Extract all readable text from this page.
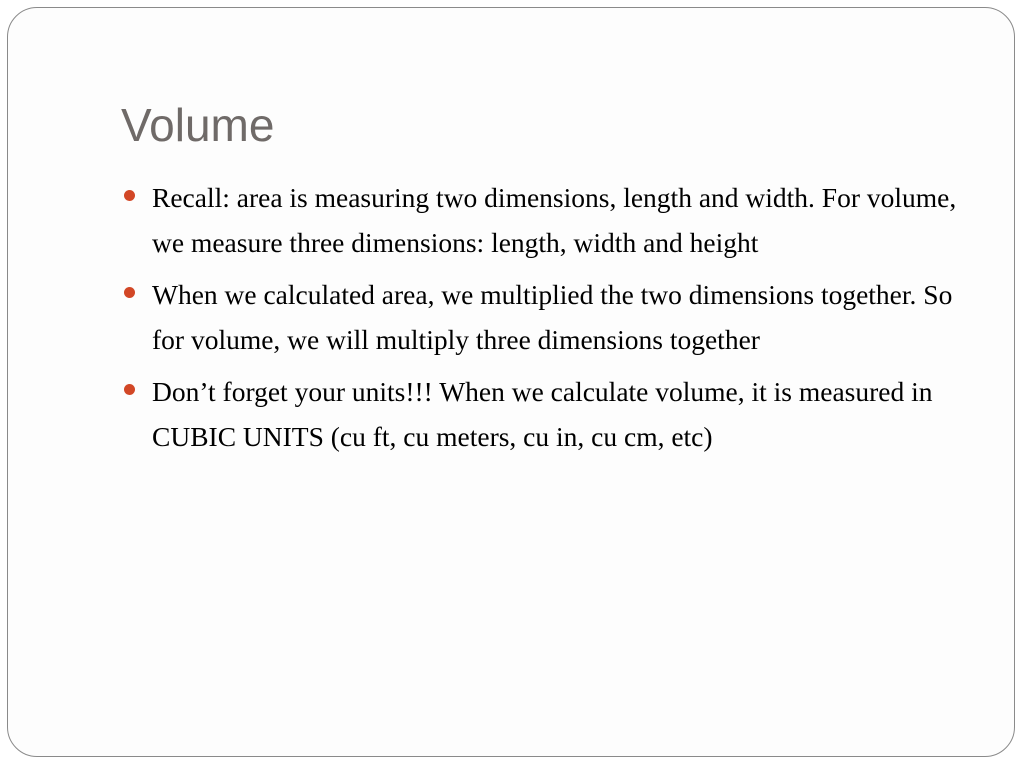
Volume
Recall: area is measuring two dimensions, length and width. For volume, we measure three dimensions: length, width and height
When we calculated area, we multiplied the two dimensions together. So for volume, we will multiply three dimensions together
Don’t forget your units!!! When we calculate volume, it is measured in CUBIC UNITS (cu ft, cu meters, cu in, cu cm, etc)
